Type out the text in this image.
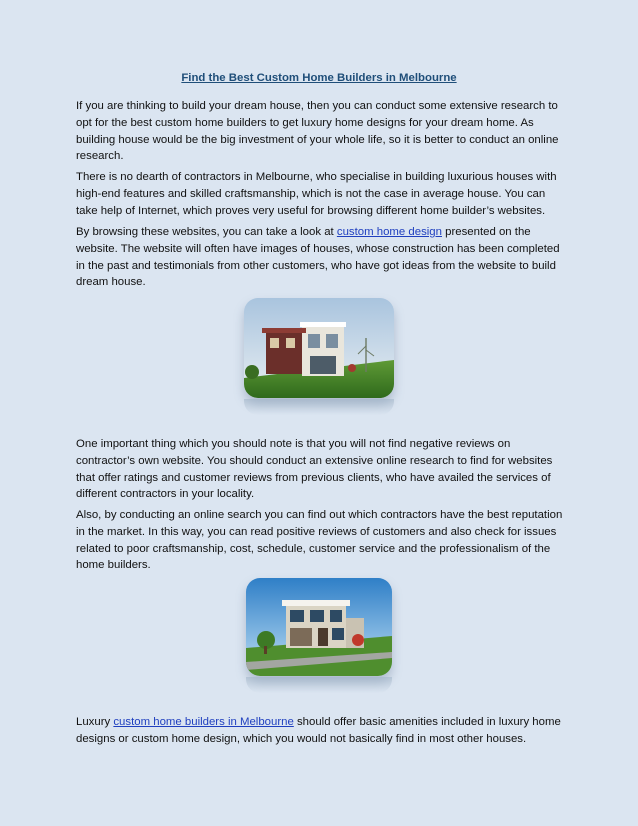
Find the Best Custom Home Builders in Melbourne

If you are thinking to build your dream house, then you can conduct some extensive research to opt for the best custom home builders to get luxury home designs for your dream home. As building house would be the big investment of your whole life, so it is better to conduct an online research.

There is no dearth of contractors in Melbourne, who specialise in building luxurious houses with high-end features and skilled craftsmanship, which is not the case in average house. You can take help of Internet, which proves very useful for browsing different home builder’s websites.

By browsing these websites, you can take a look at custom home design presented on the website. The website will often have images of houses, whose construction has been completed in the past and testimonials from other customers, who have got ideas from the website to build dream house.

One important thing which you should note is that you will not find negative reviews on contractor’s own website. You should conduct an extensive online research to find for websites that offer ratings and customer reviews from previous clients, who have availed the services of different contractors in your locality.

Also, by conducting an online search you can find out which contractors have the best reputation in the market. In this way, you can read positive reviews of customers and also check for issues related to poor craftsmanship, cost, schedule, customer service and the professionalism of the home builders.

Luxury custom home builders in Melbourne should offer basic amenities included in luxury home designs or custom home design, which you would not basically find in most other houses.
